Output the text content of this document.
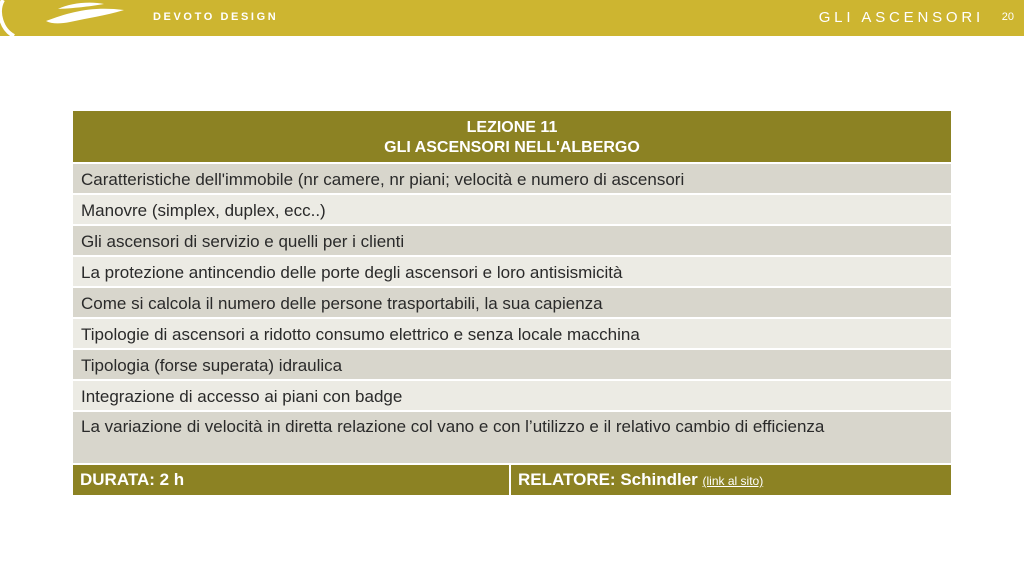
DEVOTO DESIGN	GLI ASCENSORI 20
LEZIONE 11
GLI ASCENSORI NELL'ALBERGO
Caratteristiche dell'immobile (nr camere, nr piani; velocità e numero di ascensori
Manovre (simplex, duplex, ecc..)
Gli ascensori di servizio e quelli per i clienti
La protezione antincendio delle porte degli ascensori e loro antisismicità
Come si calcola il numero delle persone trasportabili, la sua capienza
Tipologie di ascensori a ridotto consumo elettrico e senza locale macchina
Tipologia (forse superata) idraulica
Integrazione di accesso ai piani con badge
La variazione di velocità in diretta relazione col vano e con l’utilizzo e il relativo cambio di efficienza
DURATA: 2 h	RELATORE: Schindler (link al sito)
